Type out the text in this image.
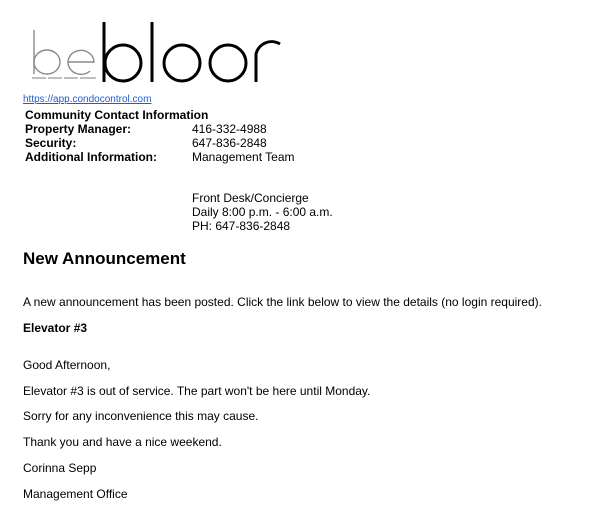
https://app.condocontrol.com
Community Contact Information
Property Manager:	416-332-4988
Security:	647-836-2848
Additional Information:	Management Team
Front Desk/Concierge
Daily 8:00 p.m. - 6:00 a.m.
PH: 647-836-2848
New Announcement
A new announcement has been posted. Click the link below to view the details (no login required).
Elevator #3
Good Afternoon,
Elevator #3 is out of service. The part won't be here until Monday.
Sorry for any inconvenience this may cause.
Thank you and have a nice weekend.
Corinna Sepp
Management Office
